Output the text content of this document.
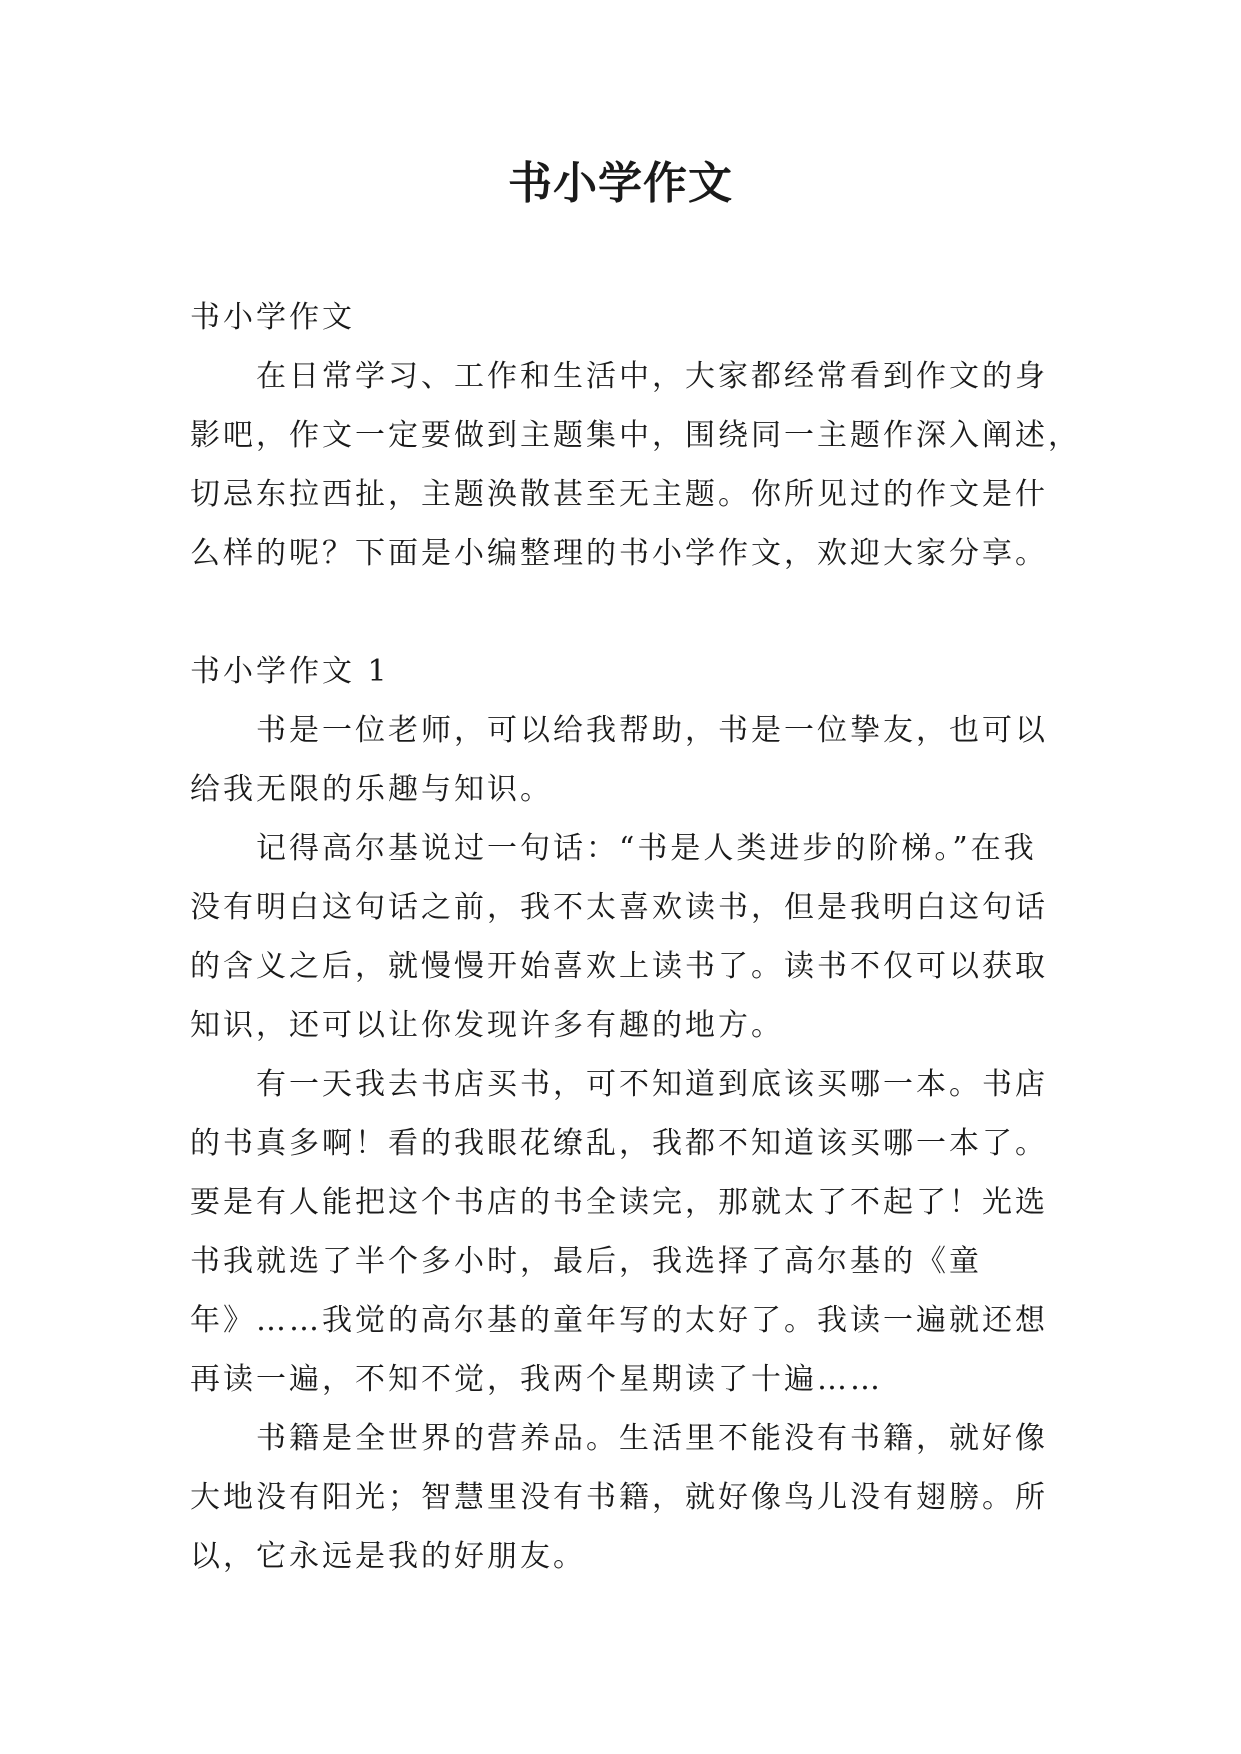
书小学作文
书小学作文
在日常学习、工作和生活中，大家都经常看到作文的身
影吧，作文一定要做到主题集中，围绕同一主题作深入阐述，
切忌东拉西扯，主题涣散甚至无主题。你所见过的作文是什
么样的呢？下面是小编整理的书小学作文，欢迎大家分享。
书小学作文 1
书是一位老师，可以给我帮助，书是一位挚友，也可以
给我无限的乐趣与知识。
记得高尔基说过一句话：“书是人类进步的阶梯。”在我
没有明白这句话之前，我不太喜欢读书，但是我明白这句话
的含义之后，就慢慢开始喜欢上读书了。读书不仅可以获取
知识，还可以让你发现许多有趣的地方。
有一天我去书店买书，可不知道到底该买哪一本。书店
的书真多啊！看的我眼花缭乱，我都不知道该买哪一本了。
要是有人能把这个书店的书全读完，那就太了不起了！光选
书我就选了半个多小时，最后，我选择了高尔基的《童
年》……我觉的高尔基的童年写的太好了。我读一遍就还想
再读一遍，不知不觉，我两个星期读了十遍……
书籍是全世界的营养品。生活里不能没有书籍，就好像
大地没有阳光；智慧里没有书籍，就好像鸟儿没有翅膀。所
以，它永远是我的好朋友。
